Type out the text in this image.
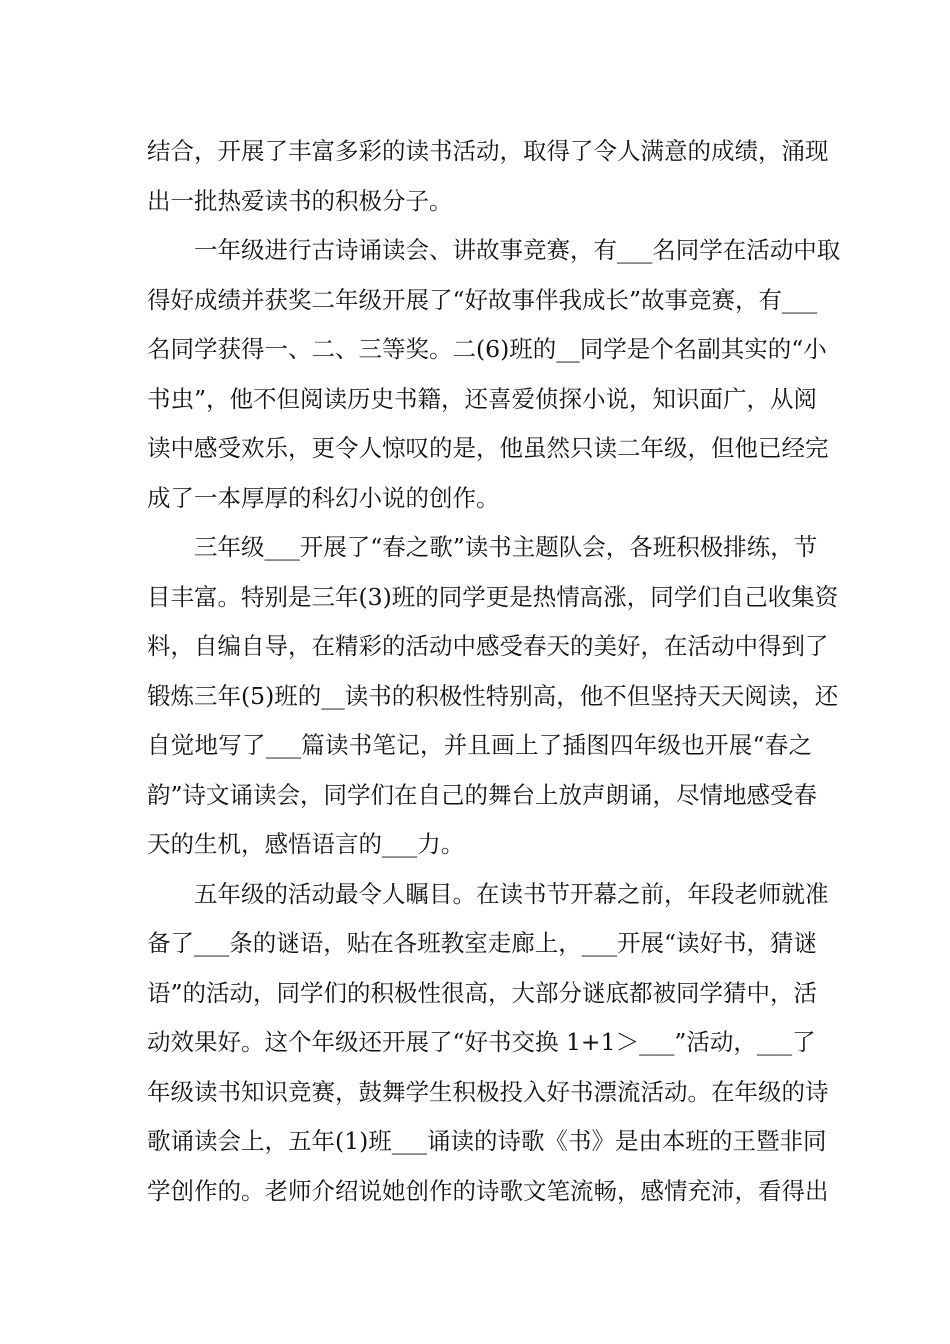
结合，开展了丰富多彩的读书活动，取得了令人满意的成绩，涌现
出一批热爱读书的积极分子。
一年级进行古诗诵读会、讲故事竞赛，有___名同学在活动中取
得好成绩并获奖二年级开展了“好故事伴我成长”故事竞赛，有___
名同学获得一、二、三等奖。二(6)班的__同学是个名副其实的“小
书虫”，他不但阅读历史书籍，还喜爱侦探小说，知识面广，从阅
读中感受欢乐，更令人惊叹的是，他虽然只读二年级，但他已经完
成了一本厚厚的科幻小说的创作。
三年级___开展了“春之歌”读书主题队会，各班积极排练，节
目丰富。特别是三年(3)班的同学更是热情高涨，同学们自己收集资
料，自编自导，在精彩的活动中感受春天的美好，在活动中得到了
锻炼三年(5)班的__读书的积极性特别高，他不但坚持天天阅读，还
自觉地写了___篇读书笔记，并且画上了插图四年级也开展“春之
韵”诗文诵读会，同学们在自己的舞台上放声朗诵，尽情地感受春
天的生机，感悟语言的___力。
五年级的活动最令人瞩目。在读书节开幕之前，年段老师就准
备了___条的谜语，贴在各班教室走廊上，___开展“读好书，猜谜
语”的活动，同学们的积极性很高，大部分谜底都被同学猜中，活
动效果好。这个年级还开展了“好书交换 1+1＞___”活动，___了
年级读书知识竞赛，鼓舞学生积极投入好书漂流活动。在年级的诗
歌诵读会上，五年(1)班___诵读的诗歌《书》是由本班的王暨非同
学创作的。老师介绍说她创作的诗歌文笔流畅，感情充沛，看得出
